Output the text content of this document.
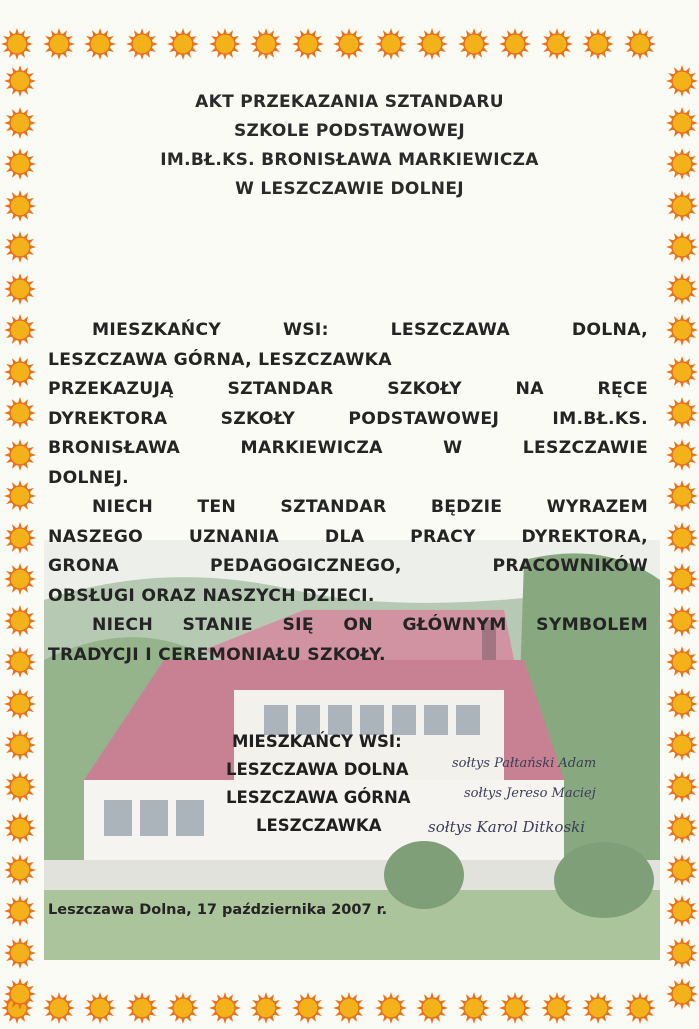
AKT PRZEKAZANIA SZTANDARU
SZKOLE PODSTAWOWEJ
IM.BŁ.KS. BRONISŁAWA MARKIEWICZA
W LESZCZAWIE DOLNEJ
MIESZKAŃCY WSI: LESZCZAWA DOLNA,
LESZCZAWA GÓRNA, LESZCZAWKA
PRZEKAZUJĄ SZTANDAR SZKOŁY NA RĘCE
DYREKTORA SZKOŁY PODSTAWOWEJ IM.BŁ.KS.
BRONISŁAWA MARKIEWICZA W LESZCZAWIE
DOLNEJ.
NIECH TEN SZTANDAR BĘDZIE WYRAZEM
NASZEGO UZNANIA DLA PRACY DYREKTORA,
GRONA PEDAGOGICZNEGO, PRACOWNIKÓW
OBSŁUGI ORAZ NASZYCH DZIECI.
NIECH STANIE SIĘ ON GŁÓWNYM SYMBOLEM
TRADYCJI I CEREMONIAŁU SZKOŁY.
MIESZKAŃCY WSI:
LESZCZAWA DOLNA
LESZCZAWA GÓRNA
LESZCZAWKA
sołtys Pałtański Adam
sołtys Jereso Maciej
sołtys Karol Ditkoski
Leszczawa Dolna, 17 października 2007 r.
